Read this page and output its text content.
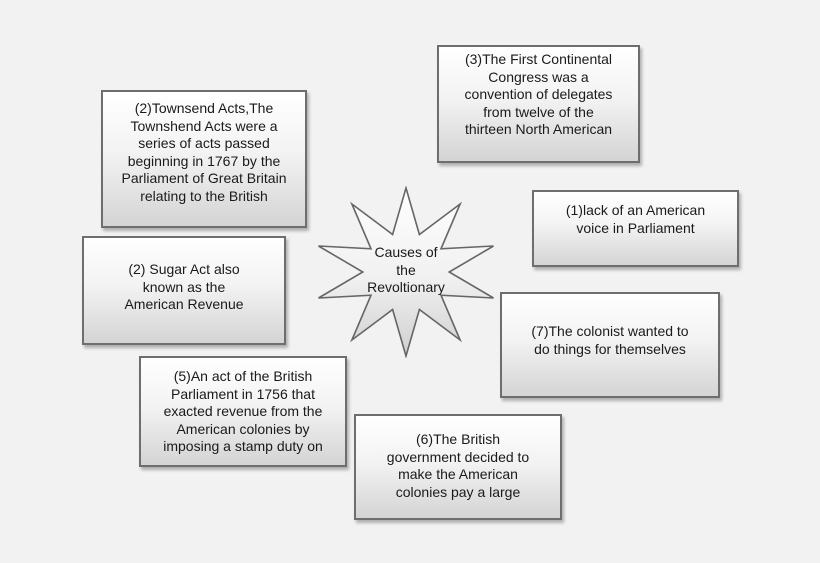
(3)The First Continental
Congress was a
convention of delegates
from twelve of the
thirteen North American
(2)Townsend Acts,The
Townshend Acts were a
series of acts passed
beginning in 1767 by the
Parliament of Great Britain
relating to the British
(1)lack of an American
voice in Parliament
(2) Sugar Act also
known as the
American Revenue
(7)The colonist wanted to
do things for themselves
(5)An act of the British
Parliament in 1756 that
exacted revenue from the
American colonies by
imposing a stamp duty on	(6)The British
government decided to
make the American
colonies pay a large
Causes of
the
Revoltionary
